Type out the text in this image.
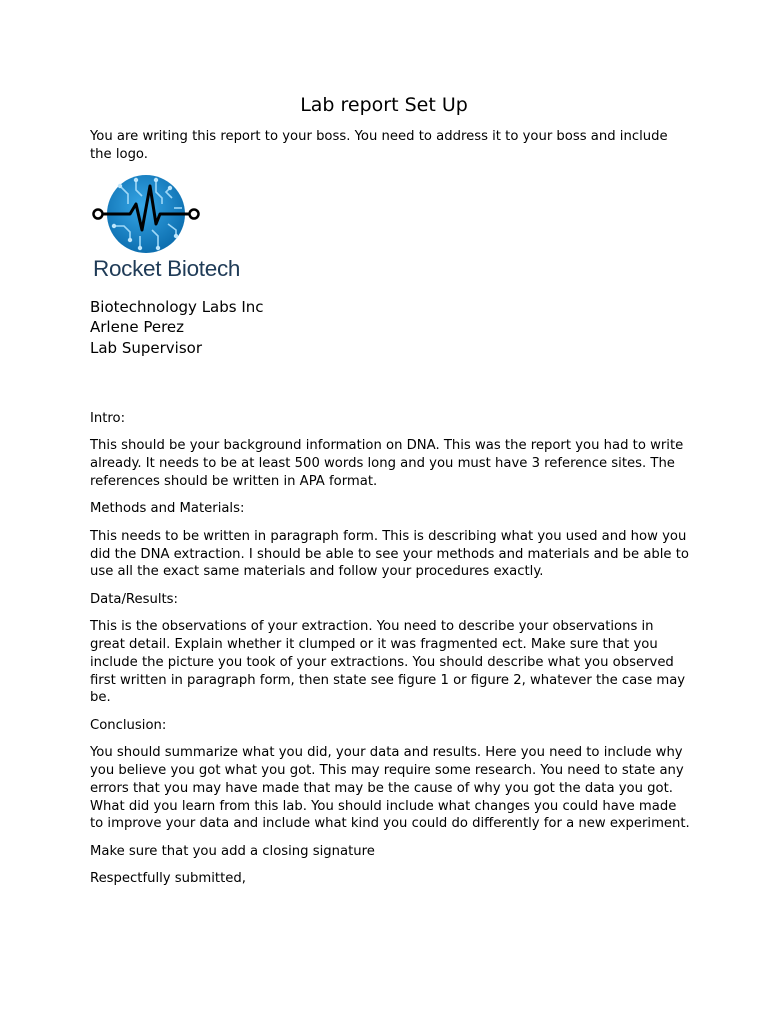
Lab report Set Up

You are writing this report to your boss. You need to address it to your boss and include the logo.

Rocket Biotech
Biotechnology Labs Inc
Arlene Perez
Lab Supervisor

Intro:

This should be your background information on DNA. This was the report you had to write already. It needs to be at least 500 words long and you must have 3 reference sites. The references should be written in APA format.

Methods and Materials:

This needs to be written in paragraph form. This is describing what you used and how you did the DNA extraction. I should be able to see your methods and materials and be able to use all the exact same materials and follow your procedures exactly.

Data/Results:

This is the observations of your extraction. You need to describe your observations in great detail. Explain whether it clumped or it was fragmented ect. Make sure that you include the picture you took of your extractions. You should describe what you observed first written in paragraph form, then state see figure 1 or figure 2, whatever the case may be.

Conclusion:

You should summarize what you did, your data and results. Here you need to include why you believe you got what you got. This may require some research. You need to state any errors that you may have made that may be the cause of why you got the data you got. What did you learn from this lab. You should include what changes you could have made to improve your data and include what kind you could do differently for a new experiment.

Make sure that you add a closing signature

Respectfully submitted,
